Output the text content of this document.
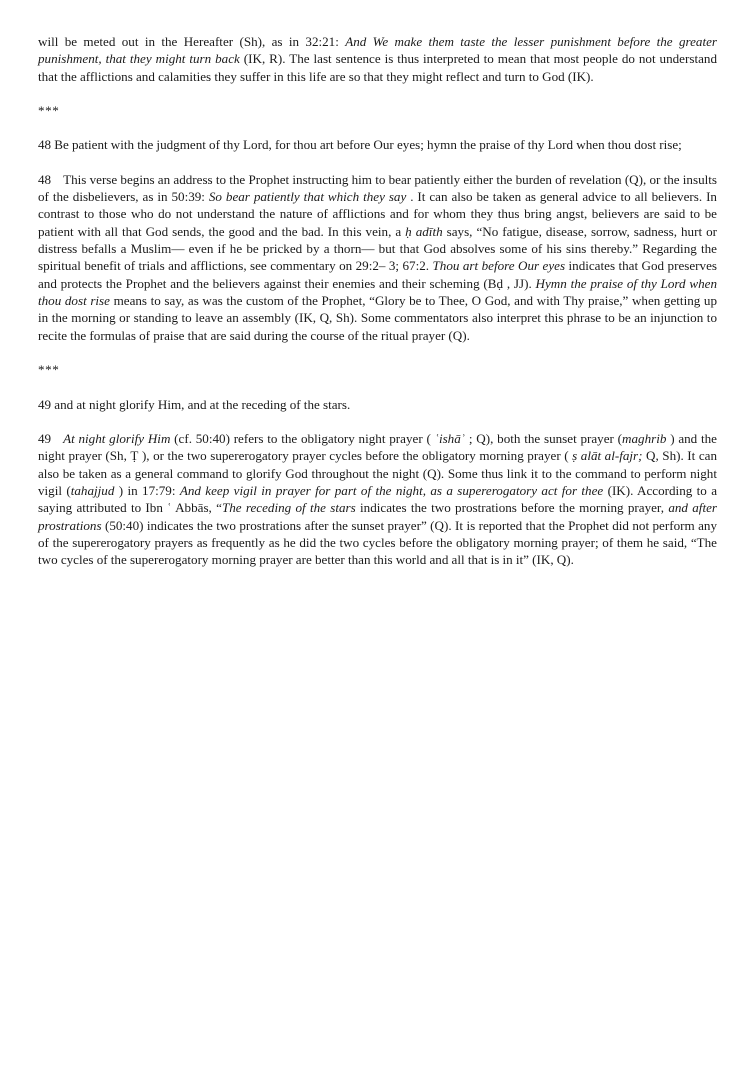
will be meted out in the Hereafter (Sh), as in 32:21: And We make them taste the lesser punishment before the greater punishment, that they might turn back (IK, R). The last sentence is thus interpreted to mean that most people do not understand that the afflictions and calamities they suffer in this life are so that they might reflect and turn to God (IK).

***

48 Be patient with the judgment of thy Lord, for thou art before Our eyes; hymn the praise of thy Lord when thou dost rise;

48 This verse begins an address to the Prophet instructing him to bear patiently either the burden of revelation (Q), or the insults of the disbelievers, as in 50:39: So bear patiently that which they say . It can also be taken as general advice to all believers. In contrast to those who do not understand the nature of afflictions and for whom they thus bring angst, believers are said to be patient with all that God sends, the good and the bad. In this vein, a ḥ adīth says, “No fatigue, disease, sorrow, sadness, hurt or distress befalls a Muslim— even if he be pricked by a thorn— but that God absolves some of his sins thereby.” Regarding the spiritual benefit of trials and afflictions, see commentary on 29:2– 3; 67:2. Thou art before Our eyes indicates that God preserves and protects the Prophet and the believers against their enemies and their scheming (Bḍ , JJ). Hymn the praise of thy Lord when thou dost rise means to say, as was the custom of the Prophet, “Glory be to Thee, O God, and with Thy praise,” when getting up in the morning or standing to leave an assembly (IK, Q, Sh). Some commentators also interpret this phrase to be an injunction to recite the formulas of praise that are said during the course of the ritual prayer (Q).

***

49 and at night glorify Him, and at the receding of the stars.

49 At night glorify Him (cf. 50:40) refers to the obligatory night prayer ( ʿishāʾ ; Q), both the sunset prayer (maghrib ) and the night prayer (Sh, Ṭ ), or the two supererogatory prayer cycles before the obligatory morning prayer ( ṣ alāt al-fajr; Q, Sh). It can also be taken as a general command to glorify God throughout the night (Q). Some thus link it to the command to perform night vigil (tahajjud ) in 17:79: And keep vigil in prayer for part of the night, as a supererogatory act for thee (IK). According to a saying attributed to Ibn ʿ Abbās, “The receding of the stars indicates the two prostrations before the morning prayer, and after prostrations (50:40) indicates the two prostrations after the sunset prayer” (Q). It is reported that the Prophet did not perform any of the supererogatory prayers as frequently as he did the two cycles before the obligatory morning prayer; of them he said, “The two cycles of the supererogatory morning prayer are better than this world and all that is in it” (IK, Q).
